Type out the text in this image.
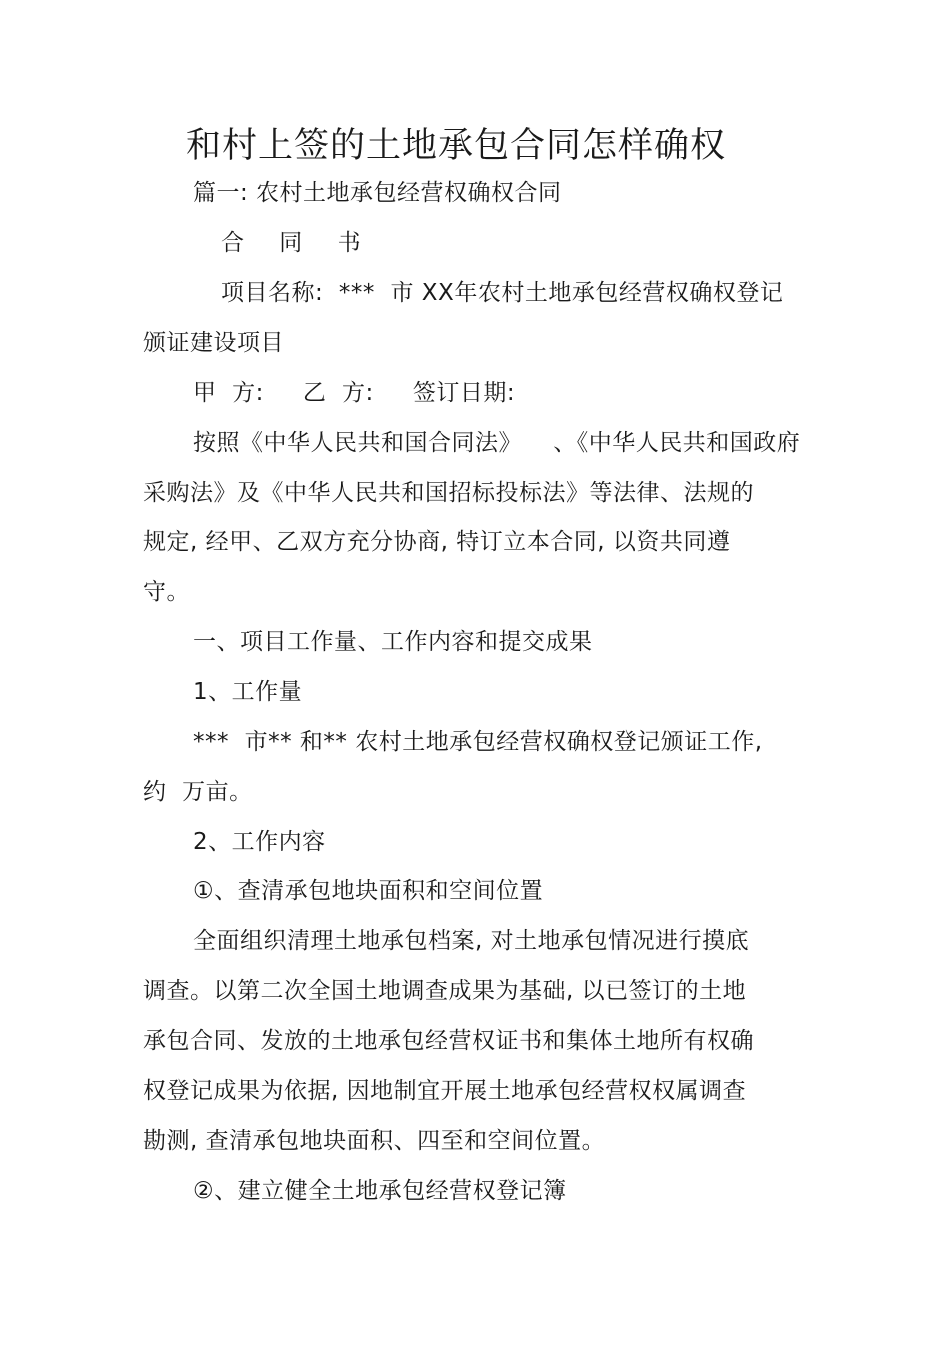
和村上签的土地承包合同怎样确权
篇一: 农村土地承包经营权确权合同
合 同 书
项目名称:  ***  市 XX年农村土地承包经营权确权登记
颁证建设项目
甲  方:     乙  方:     签订日期:
按照《中华人民共和国合同法》    、《中华人民共和国政府
采购法》及《中华人民共和国招标投标法》等法律、法规的
规定, 经甲、乙双方充分协商, 特订立本合同, 以资共同遵
守。
一、项目工作量、工作内容和提交成果
1、工作量
***  市** 和** 农村土地承包经营权确权登记颁证工作,
约  万亩。
2、工作内容
①、查清承包地块面积和空间位置
全面组织清理土地承包档案, 对土地承包情况进行摸底
调查。以第二次全国土地调查成果为基础, 以已签订的土地
承包合同、发放的土地承包经营权证书和集体土地所有权确
权登记成果为依据, 因地制宜开展土地承包经营权权属调查
勘测, 查清承包地块面积、四至和空间位置。
②、建立健全土地承包经营权登记簿
